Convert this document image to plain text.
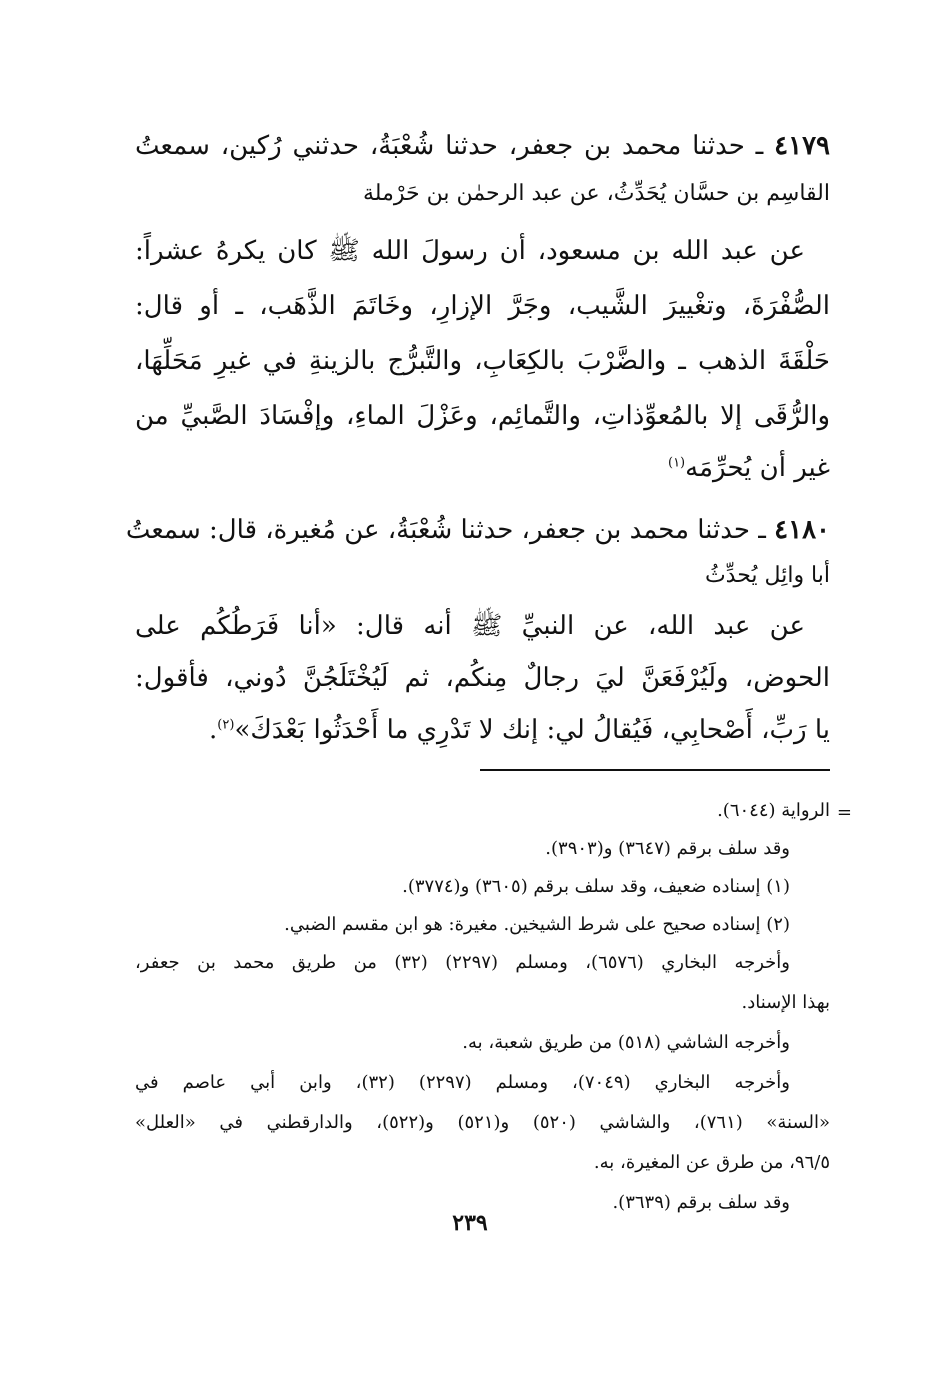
٤١٧٩ ـ حدثنا محمد بن جعفر، حدثنا شُعْبَةُ، حدثني رُكين، سمعتُ
القاسِم بن حسَّان يُحَدِّثُ، عن عبد الرحمٰن بن حَرْملة
عن عبد الله بن مسعود، أن رسولَ الله ﷺ كان يكرهُ عشراً:
الصُّفْرَةَ، وتغْييرَ الشَّيب، وجَرَّ الإزارِ، وخَاتَمَ الذَّهَب، ـ أو قال:
حَلْقَةَ الذهب ـ والضَّرْبَ بالكِعَابِ، والتَّبرُّج بالزينةِ في غيرِ مَحَلِّهَا،
والرُّقَى إلا بالمُعوِّذاتِ، والتَّمائِم، وعَزْلَ الماءِ، وإفْسَادَ الصَّبيِّ من
غير أن يُحرِّمَه$^{(١)}$
٤١٨٠ ـ حدثنا محمد بن جعفر، حدثنا شُعْبَةُ، عن مُغيرة، قال: سمعتُ
أبا وائِل يُحدِّثُ
عن عبد الله، عن النبيِّ ﷺ أنه قال: «أنا فَرَطُكُم على
الحوض، ولَيُرْفَعَنَّ ليَ رجالٌ مِنكُم، ثم لَيُخْتَلَجُنَّ دُوني، فأقول:
يا رَبِّ، أَصْحابِي، فَيُقالُ لي: إنك لا تَدْرِي ما أَحْدَثُوا بَعْدَكَ»$^{(٢)}$.
=
الرواية (٦٠٤٤).
وقد سلف برقم (٣٦٤٧) و(٣٩٠٣).
(١) إسناده ضعيف، وقد سلف برقم (٣٦٠٥) و(٣٧٧٤).
(٢) إسناده صحيح على شرط الشيخين. مغيرة: هو ابن مقسم الضبي.
وأخرجه البخاري (٦٥٧٦)، ومسلم (٢٢٩٧) (٣٢) من طريق محمد بن جعفر،
بهذا الإسناد.
وأخرجه الشاشي (٥١٨) من طريق شعبة، به.
وأخرجه البخاري (٧٠٤٩)، ومسلم (٢٢٩٧) (٣٢)، وابن أبي عاصم في
«السنة» (٧٦١)، والشاشي (٥٢٠) و(٥٢١) و(٥٢٢)، والدارقطني في «العلل»
٩٦/٥، من طرق عن المغيرة، به.
وقد سلف برقم (٣٦٣٩).
٢٣٩
